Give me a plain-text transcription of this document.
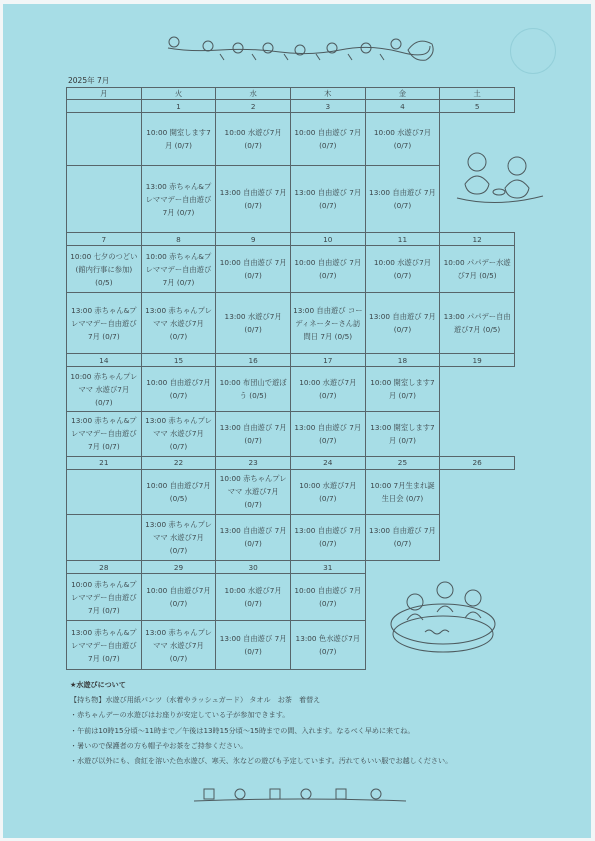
2025年 7月
月	火	水	木	金	土
	1	2	3	4	5
	10:00 開室します7月 (0/7)	10:00 水遊び7月 (0/7)	10:00 自由遊び 7月 (0/7)	10:00 水遊び7月 (0/7)	
	13:00 赤ちゃん&プレママデー自由遊び7月 (0/7)	13:00 自由遊び 7月 (0/7)	13:00 自由遊び 7月 (0/7)	13:00 自由遊び 7月 (0/7)	
7	8	9	10	11	12
10:00 七夕のつどい (館内行事に参加) (0/5)	10:00 赤ちゃん&プレママデー自由遊び7月 (0/7)	10:00 自由遊び 7月 (0/7)	10:00 自由遊び 7月 (0/7)	10:00 水遊び7月 (0/7)	10:00 パパデー水遊び7月 (0/5)
13:00 赤ちゃん&プレママデー自由遊び 7月 (0/7)	13:00 赤ちゃんプレママ 水遊び7月 (0/7)	13:00 水遊び7月 (0/7)	13:00 自由遊び コーディネーターさん訪問日 7月 (0/5)	13:00 自由遊び 7月 (0/7)	13:00 パパデー自由遊び7月 (0/5)
14	15	16	17	18	19
10:00 赤ちゃんプレママ 水遊び7月 (0/7)	10:00 自由遊び7月 (0/7)	10:00 布団山で遊ぼう (0/5)	10:00 水遊び7月 (0/7)	10:00 開室します7月 (0/7)	
13:00 赤ちゃん&プレママデー自由遊び 7月 (0/7)	13:00 赤ちゃんプレママ 水遊び7月 (0/7)	13:00 自由遊び 7月 (0/7)	13:00 自由遊び 7月 (0/7)	13:00 開室します7月 (0/7)	
21	22	23	24	25	26
	10:00 自由遊び7月 (0/5)	10:00 赤ちゃんプレママ 水遊び7月 (0/7)	10:00 水遊び7月 (0/7)	10:00 7月生まれ誕生日会 (0/7)	
	13:00 赤ちゃんプレママ 水遊び7月 (0/7)	13:00 自由遊び 7月 (0/7)	13:00 自由遊び 7月 (0/7)	13:00 自由遊び 7月 (0/7)	
28	29	30	31		
10:00 赤ちゃん&プレママデー自由遊び 7月 (0/7)	10:00 自由遊び7月 (0/7)	10:00 水遊び7月 (0/7)	10:00 自由遊び 7月 (0/7)		
13:00 赤ちゃん&プレママデー自由遊び 7月 (0/7)	13:00 赤ちゃんプレママ 水遊び7月 (0/7)	13:00 自由遊び 7月 (0/7)	13:00 色水遊び7月 (0/7)		

★水遊びについて

【持ち物】水遊び用紙パンツ（水着やラッシュガード） タオル　お茶　着替え

・赤ちゃんデーの水遊びはお座りが安定している子が参加できます。

・午前は10時15分頃～11時まで／午後は13時15分頃～15時までの間、入れます。なるべく早めに来てね。

・暑いので保護者の方も帽子やお茶をご持参ください。

・水遊び以外にも、食紅を溶いた色水遊び、寒天、氷などの遊びも予定しています。汚れてもいい服でお越しください。
